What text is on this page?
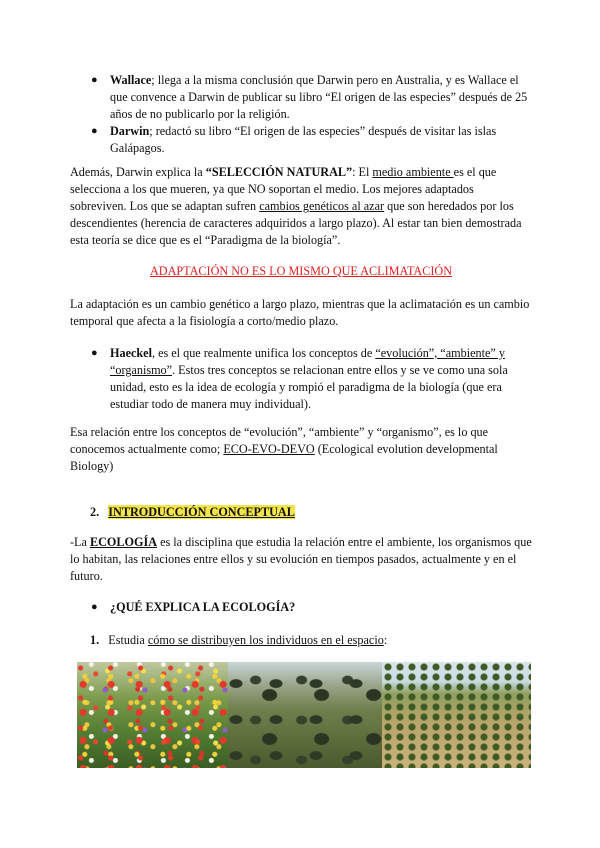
● Wallace; llega a la misma conclusión que Darwin pero en Australia, y es Wallace el que convence a Darwin de publicar su libro “El origen de las especies” después de 25 años de no publicarlo por la religión.
● Darwin; redactó su libro “El origen de las especies” después de visitar las islas Galápagos.

Además, Darwin explica la “SELECCIÓN NATURAL”: El medio ambiente es el que selecciona a los que mueren, ya que NO soportan el medio. Los mejores adaptados sobreviven. Los que se adaptan sufren cambios genéticos al azar que son heredados por los descendientes (herencia de caracteres adquiridos a largo plazo). Al estar tan bien demostrada esta teoría se dice que es el “Paradigma de la biología”.

ADAPTACIÓN NO ES LO MISMO QUE ACLIMATACIÓN

La adaptación es un cambio genético a largo plazo, mientras que la aclimatación es un cambio temporal que afecta a la fisiología a corto/medio plazo.

● Haeckel, es el que realmente unifica los conceptos de “evolución”, “ambiente” y “organismo”. Estos tres conceptos se relacionan entre ellos y se ve como una sola unidad, esto es la idea de ecología y rompió el paradigma de la biología (que era estudiar todo de manera muy individual).

Esa relación entre los conceptos de “evolución”, “ambiente” y “organismo”, es lo que conocemos actualmente como; ECO-EVO-DEVO (Ecological evolution developmental Biology)

2. INTRODUCCIÓN CONCEPTUAL

-La ECOLOGÍA es la disciplina que estudia la relación entre el ambiente, los organismos que lo habitan, las relaciones entre ellos y su evolución en tiempos pasados, actualmente y en el futuro.

● ¿QUÉ EXPLICA LA ECOLOGÍA?

1. Estudia cómo se distribuyen los individuos en el espacio:
